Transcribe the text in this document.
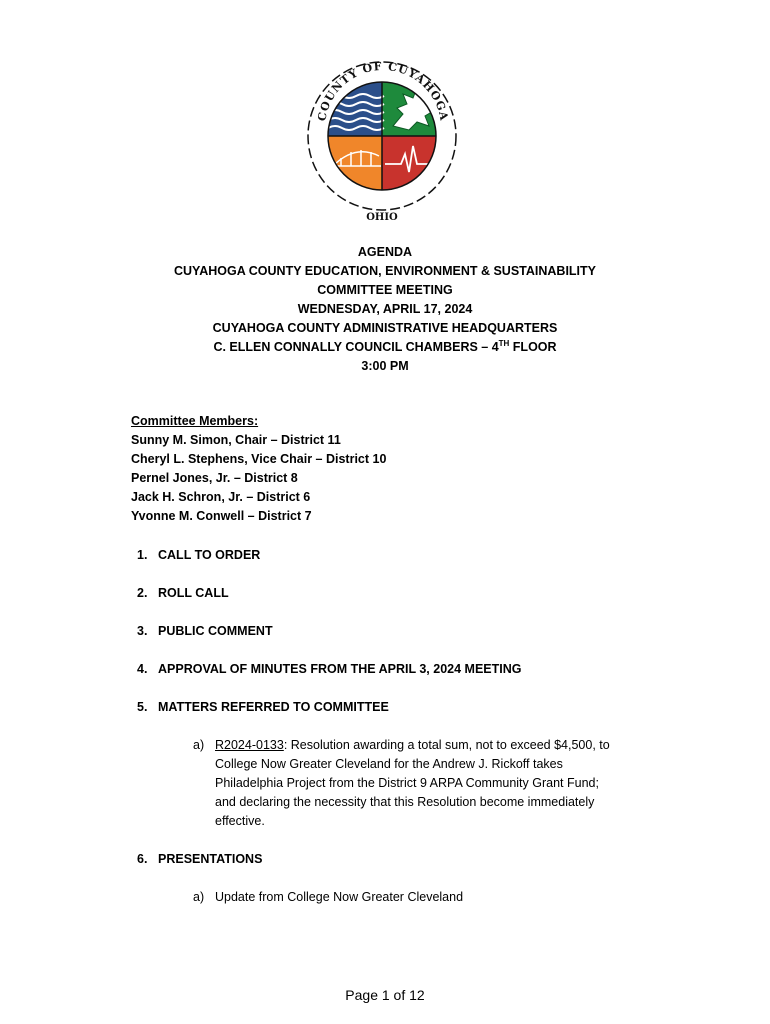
COUNTY OF CUYAHOGA
OHIO
AGENDA
CUYAHOGA COUNTY EDUCATION, ENVIRONMENT & SUSTAINABILITY
COMMITTEE MEETING
WEDNESDAY, APRIL 17, 2024
CUYAHOGA COUNTY ADMINISTRATIVE HEADQUARTERS
C. ELLEN CONNALLY COUNCIL CHAMBERS – 4TH FLOOR
3:00 PM
Committee Members:
Sunny M. Simon, Chair – District 11
Cheryl L. Stephens, Vice Chair – District 10
Pernel Jones, Jr. – District 8
Jack H. Schron, Jr. – District 6
Yvonne M. Conwell – District 7
1. CALL TO ORDER
2. ROLL CALL
3. PUBLIC COMMENT
4. APPROVAL OF MINUTES FROM THE APRIL 3, 2024 MEETING
5. MATTERS REFERRED TO COMMITTEE
a) R2024-0133: Resolution awarding a total sum, not to exceed $4,500, to
College Now Greater Cleveland for the Andrew J. Rickoff takes
Philadelphia Project from the District 9 ARPA Community Grant Fund;
and declaring the necessity that this Resolution become immediately
effective.
6. PRESENTATIONS
a) Update from College Now Greater Cleveland
Page 1 of 12
